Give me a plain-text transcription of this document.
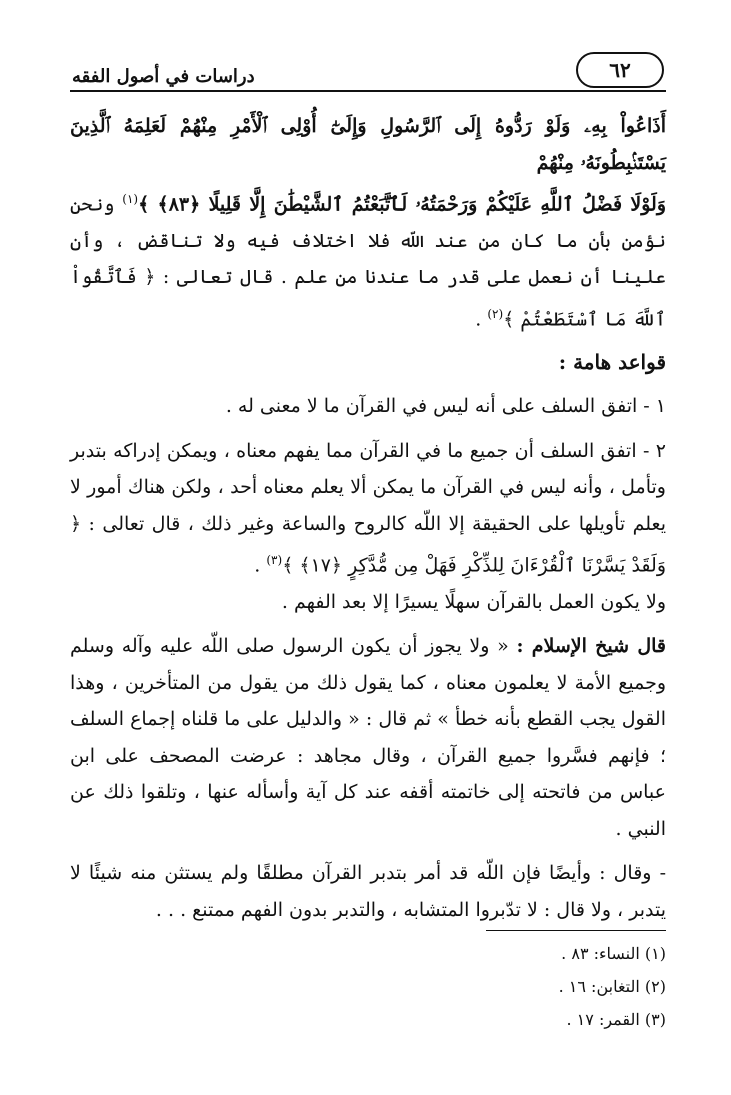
٦٢
دراسات في أصول الفقه

أَذَاعُواْ بِهِۦ وَلَوْ رَدُّوهُ إِلَى ٱلرَّسُولِ وَإِلَىٰٓ أُوْلِى ٱلْأَمْرِ مِنْهُمْ لَعَلِمَهُ ٱلَّذِينَ يَسْتَنۢبِطُونَهُۥ مِنْهُمْ

وَلَوْلَا فَضْلُ ٱللَّهِ عَلَيْكُمْ وَرَحْمَتُهُۥ لَٱتَّبَعْتُمُ ٱلشَّيْطَٰنَ إِلَّا قَلِيلًا ﴿٨٣﴾ ﴾$^{(١)}$ ونحن نؤمن بأن ما كان من عند اللّه فلا اختلاف فيه ولا تناقض ، وأن علينا أن نعمل على قدر ما عندنا من علم . قال تعالى : ﴿ فَٱتَّقُواْ ٱللَّهَ مَا ٱسْتَطَعْتُمْ ﴾$^{(٢)}$ .

قواعد هامة :

١ - اتفق السلف على أنه ليس في القرآن ما لا معنى له .

٢ - اتفق السلف أن جميع ما في القرآن مما يفهم معناه ، ويمكن إدراكه بتدبر وتأمل ، وأنه ليس في القرآن ما يمكن ألا يعلم معناه أحد ، ولكن هناك أمور لا يعلم تأويلها على الحقيقة إلا اللّه كالروح والساعة وغير ذلك ، قال تعالى : ﴿ وَلَقَدْ يَسَّرْنَا ٱلْقُرْءَانَ لِلذِّكْرِ فَهَلْ مِن مُّدَّكِرٍ ﴿١٧﴾ ﴾$^{(٣)}$ .

ولا يكون العمل بالقرآن سهلًا يسيرًا إلا بعد الفهم .

قال شيخ الإسلام : « ولا يجوز أن يكون الرسول صلى اللّه عليه وآله وسلم وجميع الأمة لا يعلمون معناه ، كما يقول ذلك من يقول من المتأخرين ، وهذا القول يجب القطع بأنه خطأ » ثم قال : « والدليل على ما قلناه إجماع السلف ؛ فإنهم فسَّروا جميع القرآن ، وقال مجاهد : عرضت المصحف على ابن عباس من فاتحته إلى خاتمته أقفه عند كل آية وأسأله عنها ، وتلقوا ذلك عن النبي .

- وقال : وأيضًا فإن اللّه قد أمر بتدبر القرآن مطلقًا ولم يستثن منه شيئًا لا يتدبر ، ولا قال : لا تدّبروا المتشابه ، والتدبر بدون الفهم ممتنع . . .

(١) النساء: ٨٣ .

(٢) التغابن: ١٦ .

(٣) القمر: ١٧ .
